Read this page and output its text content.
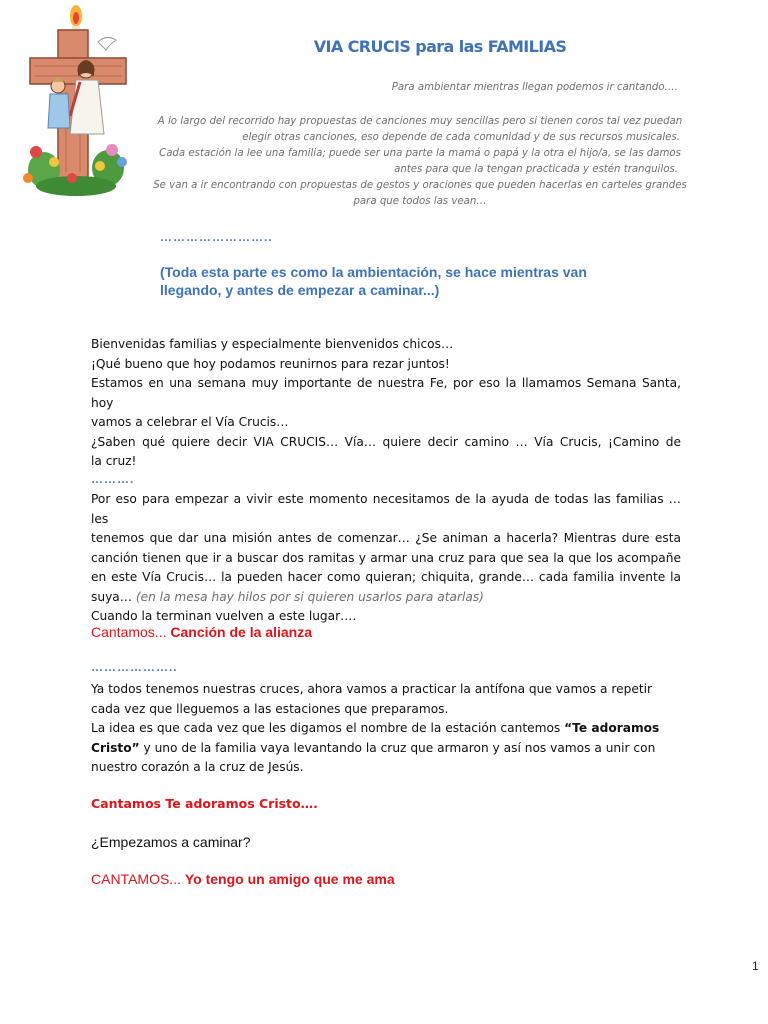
VIA CRUCIS para las FAMILIAS
Para ambientar mientras llegan podemos ir cantando….
A lo largo del recorrido hay propuestas de canciones muy sencillas pero si tienen coros tal vez puedan
elegir otras canciones, eso depende de cada comunidad y de sus recursos musicales.
Cada estación la lee una familia; puede ser una parte la mamá o papá y la otra el hijo/a, se las damos
antes para que la tengan practicada y estén tranquilos.
Se van a ir encontrando con propuestas de gestos y oraciones que pueden hacerlas en carteles grandes
para que todos las vean…
……………………..
(Toda esta parte es como la ambientación, se hace mientras van llegando, y antes de empezar a caminar...)
Bienvenidas familias y especialmente bienvenidos chicos…
¡Qué bueno que hoy podamos reunirnos para rezar juntos!
Estamos en una semana muy importante de nuestra Fe, por eso la llamamos Semana Santa, hoy
vamos a celebrar el Vía Crucis…
¿Saben qué quiere decir VIA CRUCIS… Vía… quiere decir camino … Vía Crucis, ¡Camino de
la cruz!
……….
Por eso para empezar a vivir este momento necesitamos de la ayuda de todas las familias … les
tenemos que dar una misión antes de comenzar… ¿Se animan a hacerla? Mientras dure esta
canción tienen que ir a buscar dos ramitas y armar una cruz para que sea la que los acompañe
en este Vía Crucis… la pueden hacer como quieran; chiquita, grande… cada familia invente la
suya… (en la mesa hay hilos por si quieren usarlos para atarlas)
Cuando la terminan vuelven a este lugar….
Cantamos... Canción de la alianza
………………..
Ya todos tenemos nuestras cruces, ahora vamos a practicar la antífona que vamos a repetir
cada vez que lleguemos a las estaciones que preparamos.
La idea es que cada vez que les digamos el nombre de la estación cantemos “Te adoramos
Cristo” y uno de la familia vaya levantando la cruz que armaron y así nos vamos a unir con
nuestro corazón a la cruz de Jesús.
Cantamos Te adoramos Cristo….
¿Empezamos a caminar?
CANTAMOS... Yo tengo un amigo que me ama
1
